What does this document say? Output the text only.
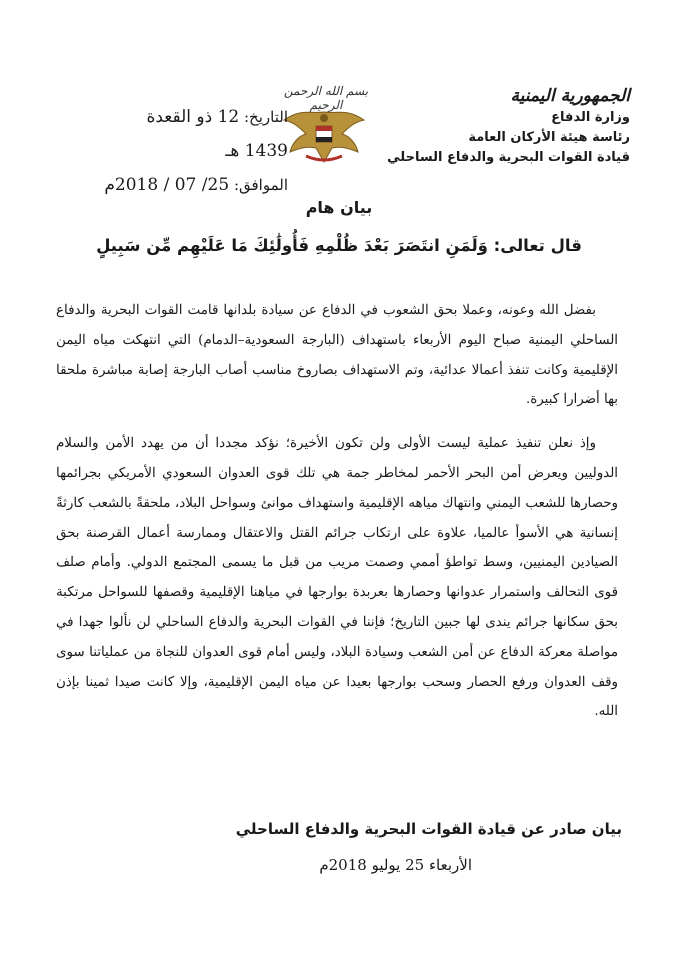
الجمهورية اليمنية
وزارة الدفاع
رئاسة هيئة الأركان العامة
قيادة القوات البحرية والدفاع الساحلي
بسم الله الرحمن الرحيم
التاريخ: 12 ذو القعدة 1439 هـ
الموافق: 25/ 07 / 2018م
بيان هام
قال تعالى: وَلَمَنِ انتَصَرَ بَعْدَ ظُلْمِهِ فَأُولَٰئِكَ مَا عَلَيْهِم مِّن سَبِيلٍ

بفضل الله وعونه، وعملا بحق الشعوب في الدفاع عن سيادة بلدانها قامت القوات البحرية والدفاع الساحلي اليمنية صباح اليوم الأربعاء باستهداف (البارجة السعودية–الدمام) التي انتهكت مياه اليمن الإقليمية وكانت تنفذ أعمالا عدائية، وتم الاستهداف بصاروخ مناسب أصاب البارجة إصابة مباشرة ملحقا بها أضرارا كبيرة.

وإذ نعلن تنفيذ عملية ليست الأولى ولن تكون الأخيرة؛ نؤكد مجددا أن من يهدد الأمن والسلام الدوليين ويعرض أمن البحر الأحمر لمخاطر جمة هي تلك قوى العدوان السعودي الأمريكي بجرائمها وحصارها للشعب اليمني وانتهاك مياهه الإقليمية واستهداف موانئ وسواحل البلاد، ملحقةً بالشعب كارثةً إنسانية هي الأسوأ عالميا، علاوة على ارتكاب جرائم القتل والاعتقال وممارسة أعمال القرصنة بحق الصيادين اليمنيين، وسط تواطؤ أممي وصمت مريب من قبل ما يسمى المجتمع الدولي. وأمام صلف قوى التحالف واستمرار عدوانها وحصارها بعربدة بوارجها في مياهنا الإقليمية وقصفها للسواحل مرتكبة بحق سكانها جرائم يندى لها جبين التاريخ؛ فإننا في القوات البحرية والدفاع الساحلي لن نألوا جهدا في مواصلة معركة الدفاع عن أمن الشعب وسيادة البلاد، وليس أمام قوى العدوان للنجاة من عملياتنا سوى وقف العدوان ورفع الحصار وسحب بوارجها بعيدا عن مياه اليمن الإقليمية، وإلا كانت صيدا ثمينا بإذن الله.

بيان صادر عن قيادة القوات البحرية والدفاع الساحلي
الأربعاء 25 يوليو 2018م
